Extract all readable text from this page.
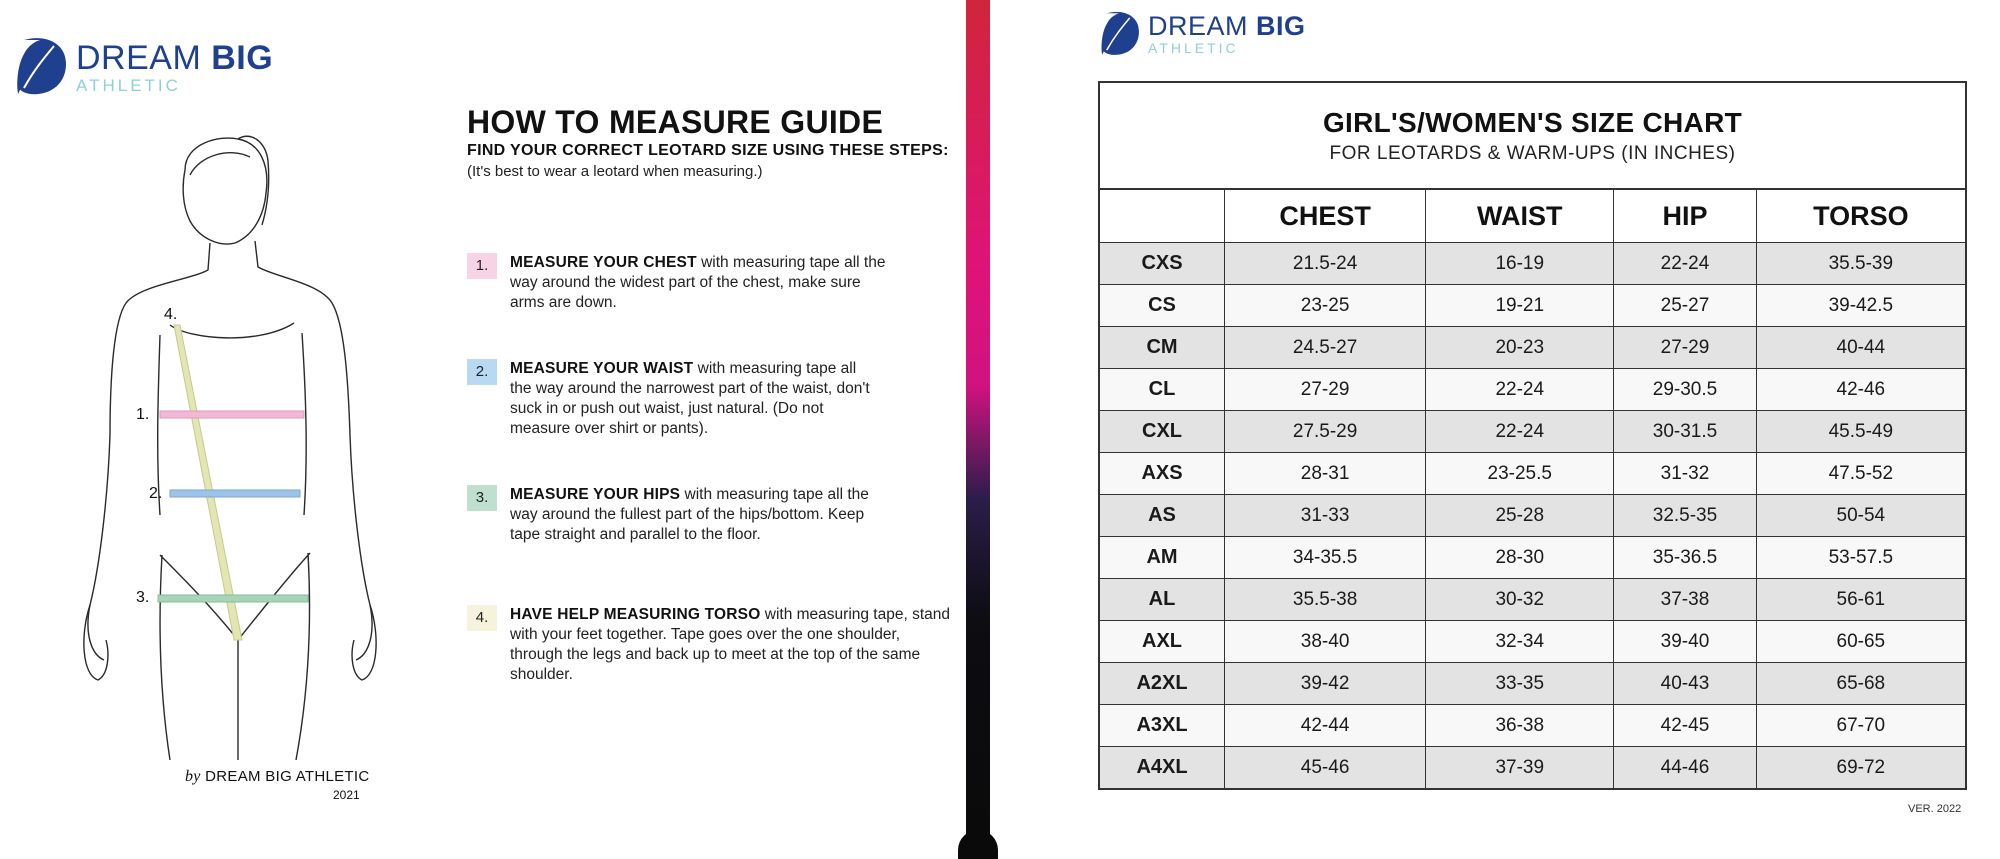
DREAM BIG
ATHLETIC
4.
1.
2.
3.
by DREAM BIG ATHLETIC
2021
HOW TO MEASURE GUIDE
FIND YOUR CORRECT LEOTARD SIZE USING THESE STEPS:
(It's best to wear a leotard when measuring.)
1.	MEASURE YOUR CHEST with measuring tape all the way around the widest part of the chest, make sure arms are down.
2.	MEASURE YOUR WAIST with measuring tape all the way around the narrowest part of the waist, don't suck in or push out waist, just natural. (Do not measure over shirt or pants).
3.	MEASURE YOUR HIPS with measuring tape all the way around the fullest part of the hips/bottom. Keep tape straight and parallel to the floor.
4.	HAVE HELP MEASURING TORSO with measuring tape, stand with your feet together. Tape goes over the one shoulder, through the legs and back up to meet at the top of the same shoulder.
DREAM BIG
ATHLETIC
GIRL'S/WOMEN'S SIZE CHART
FOR LEOTARDS & WARM-UPS (IN INCHES)
	CHEST	WAIST	HIP	TORSO
CXS	21.5-24	16-19	22-24	35.5-39
CS	23-25	19-21	25-27	39-42.5
CM	24.5-27	20-23	27-29	40-44
CL	27-29	22-24	29-30.5	42-46
CXL	27.5-29	22-24	30-31.5	45.5-49
AXS	28-31	23-25.5	31-32	47.5-52
AS	31-33	25-28	32.5-35	50-54
AM	34-35.5	28-30	35-36.5	53-57.5
AL	35.5-38	30-32	37-38	56-61
AXL	38-40	32-34	39-40	60-65
A2XL	39-42	33-35	40-43	65-68
A3XL	42-44	36-38	42-45	67-70
A4XL	45-46	37-39	44-46	69-72
VER. 2022
